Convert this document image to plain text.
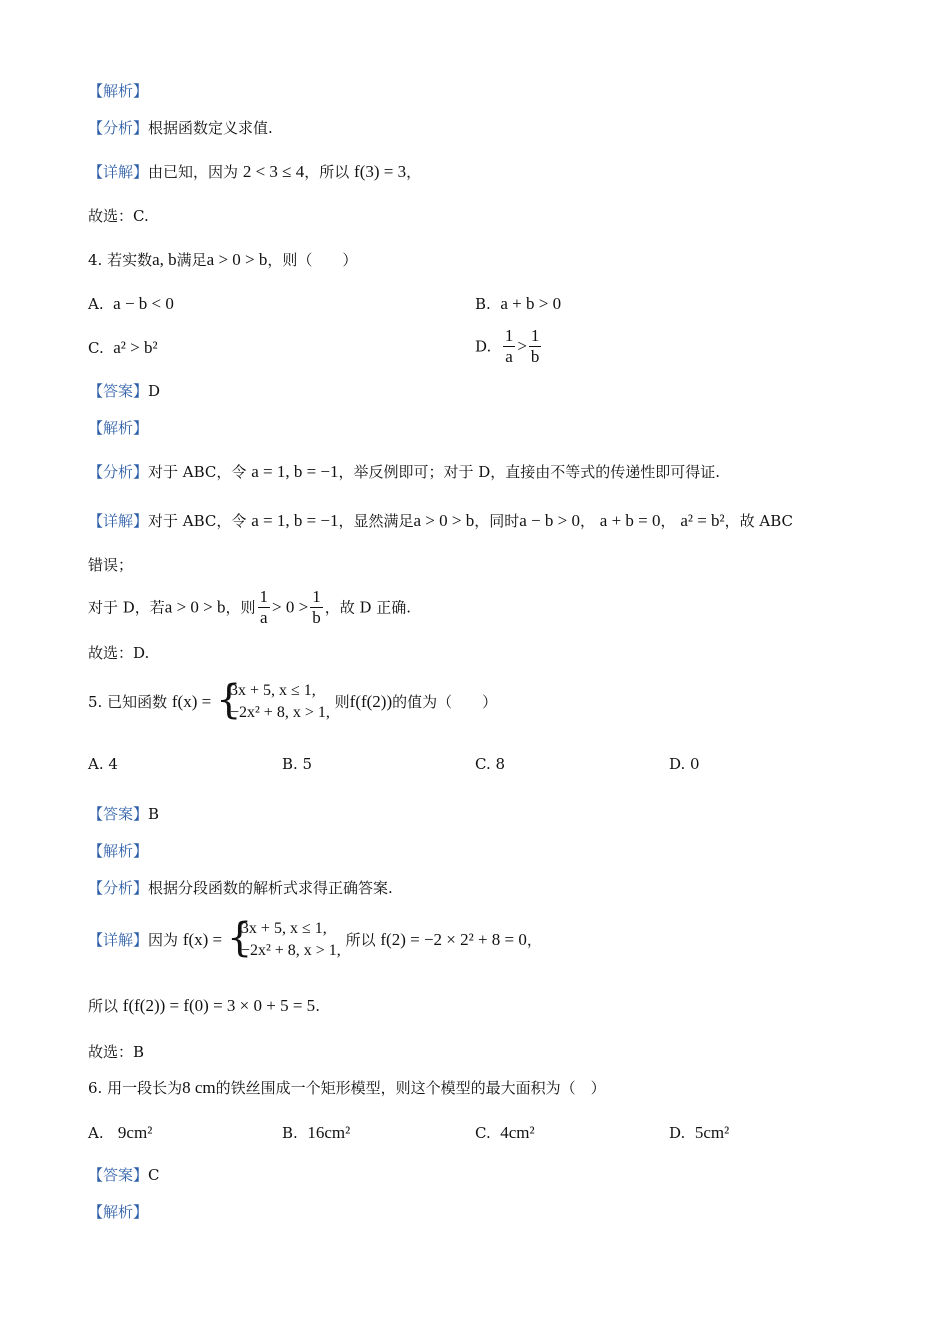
【解析】
【分析】根据函数定义求值.
【详解】由已知，因为 2 < 3 ≤ 4，所以 f(3) = 3，
故选：C.
4. 若实数a, b满足a > 0 > b，则（　　）
A. a − b < 0	B. a + b > 0
C. a² > b²	D. $\frac{1}{a} > \frac{1}{b}$
【答案】D
【解析】
【分析】对于 ABC，令 a = 1, b = −1，举反例即可；对于 D，直接由不等式的传递性即可得证.
【详解】对于 ABC，令 a = 1, b = −1，显然满足a > 0 > b，同时a − b > 0， a + b = 0， a² = b²，故 ABC
错误；
对于 D，若a > 0 > b，则 $\frac{1}{a} > 0 > \frac{1}{b}$ ，故 D 正确.
故选：D.
5. 已知函数 f(x) = {
3x + 5, x ≤ 1,
−2x² + 8, x > 1,
则f(f(2))的值为（　　）
A. 4	B. 5	C. 8	D. 0
【答案】B
【解析】
【分析】根据分段函数的解析式求得正确答案.
【详解】因为 f(x) = {
3x + 5, x ≤ 1,
−2x² + 8, x > 1,
所以 f(2) = −2 × 2² + 8 = 0，
所以 f(f(2)) = f(0) = 3 × 0 + 5 = 5.
故选：B
6. 用一段长为8 cm的铁丝围成一个矩形模型，则这个模型的最大面积为（　）
A. 9cm²	B. 16cm²	C. 4cm²	D. 5cm²
【答案】C
【解析】
